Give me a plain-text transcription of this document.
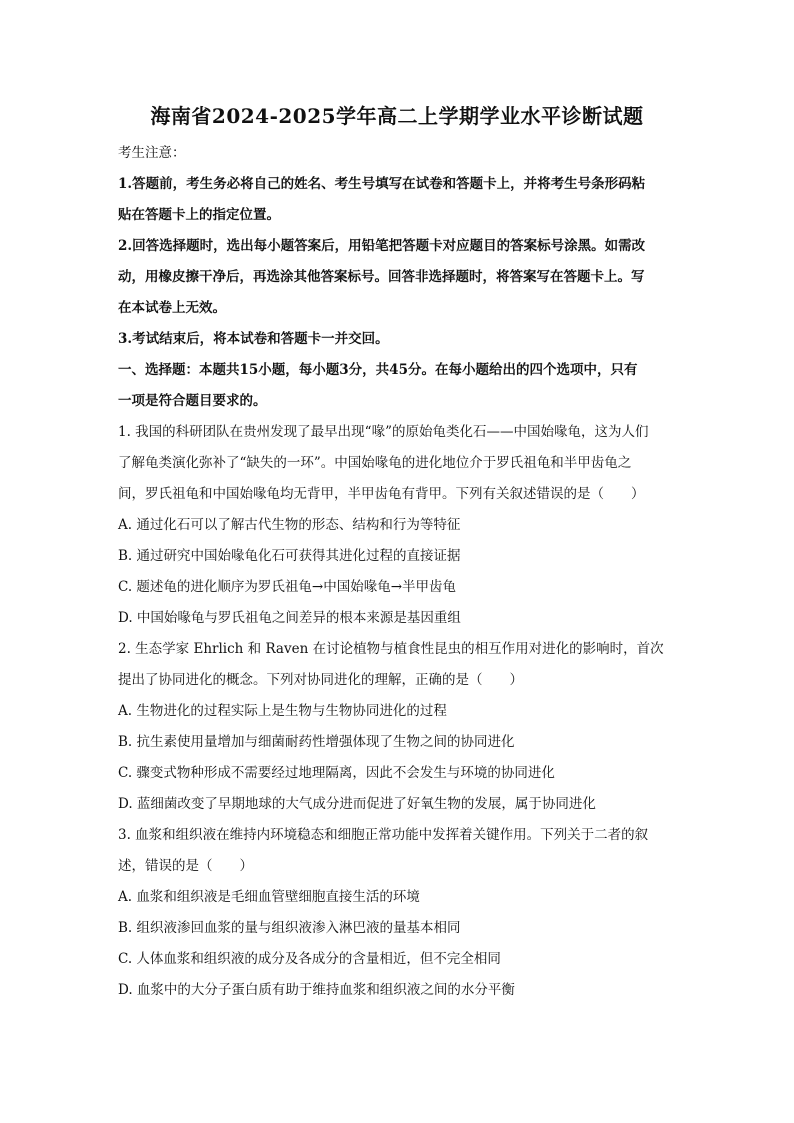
海南省2024-2025学年高二上学期学业水平诊断试题
考生注意：
1.答题前，考生务必将自己的姓名、考生号填写在试卷和答题卡上，并将考生号条形码粘
贴在答题卡上的指定位置。
2.回答选择题时，选出每小题答案后，用铅笔把答题卡对应题目的答案标号涂黑。如需改
动，用橡皮擦干净后，再选涂其他答案标号。回答非选择题时，将答案写在答题卡上。写
在本试卷上无效。
3.考试结束后，将本试卷和答题卡一并交回。
一、选择题：本题共15小题，每小题3分，共45分。在每小题给出的四个选项中，只有
一项是符合题目要求的。
1. 我国的科研团队在贵州发现了最早出现“喙”的原始龟类化石——中国始喙龟，这为人们
了解龟类演化弥补了“缺失的一环”。中国始喙龟的进化地位介于罗氏祖龟和半甲齿龟之
间，罗氏祖龟和中国始喙龟均无背甲，半甲齿龟有背甲。下列有关叙述错误的是（　　）
A. 通过化石可以了解古代生物的形态、结构和行为等特征
B. 通过研究中国始喙龟化石可获得其进化过程的直接证据
C. 题述龟的进化顺序为罗氏祖龟→中国始喙龟→半甲齿龟
D. 中国始喙龟与罗氏祖龟之间差异的根本来源是基因重组
2. 生态学家 Ehrlich 和 Raven 在讨论植物与植食性昆虫的相互作用对进化的影响时，首次
提出了协同进化的概念。下列对协同进化的理解，正确的是（　　）
A. 生物进化的过程实际上是生物与生物协同进化的过程
B. 抗生素使用量增加与细菌耐药性增强体现了生物之间的协同进化
C. 骤变式物种形成不需要经过地理隔离，因此不会发生与环境的协同进化
D. 蓝细菌改变了早期地球的大气成分进而促进了好氧生物的发展，属于协同进化
3. 血浆和组织液在维持内环境稳态和细胞正常功能中发挥着关键作用。下列关于二者的叙
述，错误的是（　　）
A. 血浆和组织液是毛细血管壁细胞直接生活的环境
B. 组织液渗回血浆的量与组织液渗入淋巴液的量基本相同
C. 人体血浆和组织液的成分及各成分的含量相近，但不完全相同
D. 血浆中的大分子蛋白质有助于维持血浆和组织液之间的水分平衡
